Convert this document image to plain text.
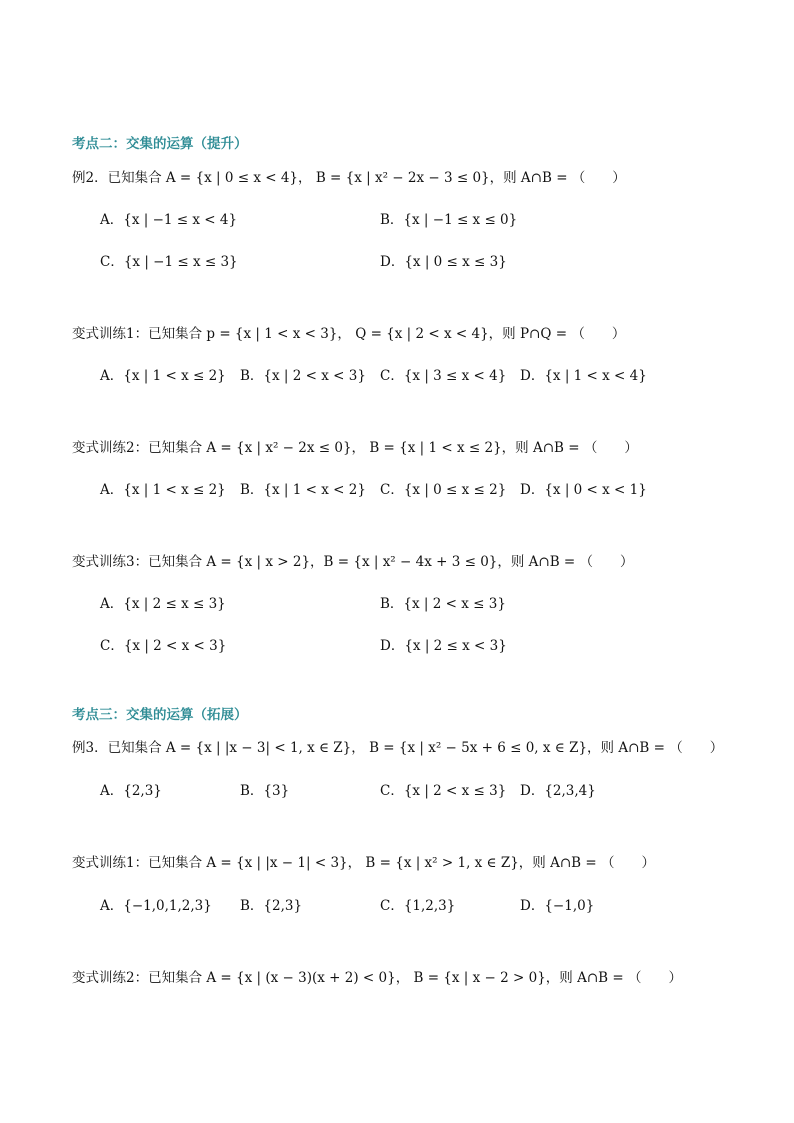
考点二：交集的运算（提升）
例2．已知集合 A = {x | 0 ≤ x < 4}， B = {x | x² − 2x − 3 ≤ 0}，则 A∩B = （　　）
A．{x | −1 ≤ x < 4}	B．{x | −1 ≤ x ≤ 0}
C．{x | −1 ≤ x ≤ 3}	D．{x | 0 ≤ x ≤ 3}
变式训练1：已知集合 p = {x | 1 < x < 3}， Q = {x | 2 < x < 4}，则 P∩Q = （　　）
A．{x | 1 < x ≤ 2} B．{x | 2 < x < 3} C．{x | 3 ≤ x < 4} D．{x | 1 < x < 4}
变式训练2：已知集合 A = {x | x² − 2x ≤ 0}， B = {x | 1 < x ≤ 2}，则 A∩B = （　　）
A．{x | 1 < x ≤ 2} B．{x | 1 < x < 2} C．{x | 0 ≤ x ≤ 2} D．{x | 0 < x < 1}
变式训练3：已知集合 A = {x | x > 2}，B = {x | x² − 4x + 3 ≤ 0}，则 A∩B = （　　）
A．{x | 2 ≤ x ≤ 3}	B．{x | 2 < x ≤ 3}
C．{x | 2 < x < 3}	D．{x | 2 ≤ x < 3}
考点三：交集的运算（拓展）
例3．已知集合 A = {x | |x − 3| < 1, x ∈ Z}， B = {x | x² − 5x + 6 ≤ 0, x ∈ Z}，则 A∩B = （　　）
A．{2,3}	B．{3}	C．{x | 2 < x ≤ 3} D．{2,3,4}
变式训练1：已知集合 A = {x | |x − 1| < 3}， B = {x | x² > 1, x ∈ Z}，则 A∩B = （　　）
A．{−1,0,1,2,3} B．{2,3}	C．{1,2,3}	D．{−1,0}
变式训练2：已知集合 A = {x | (x − 3)(x + 2) < 0}， B = {x | x − 2 > 0}，则 A∩B = （　　）
